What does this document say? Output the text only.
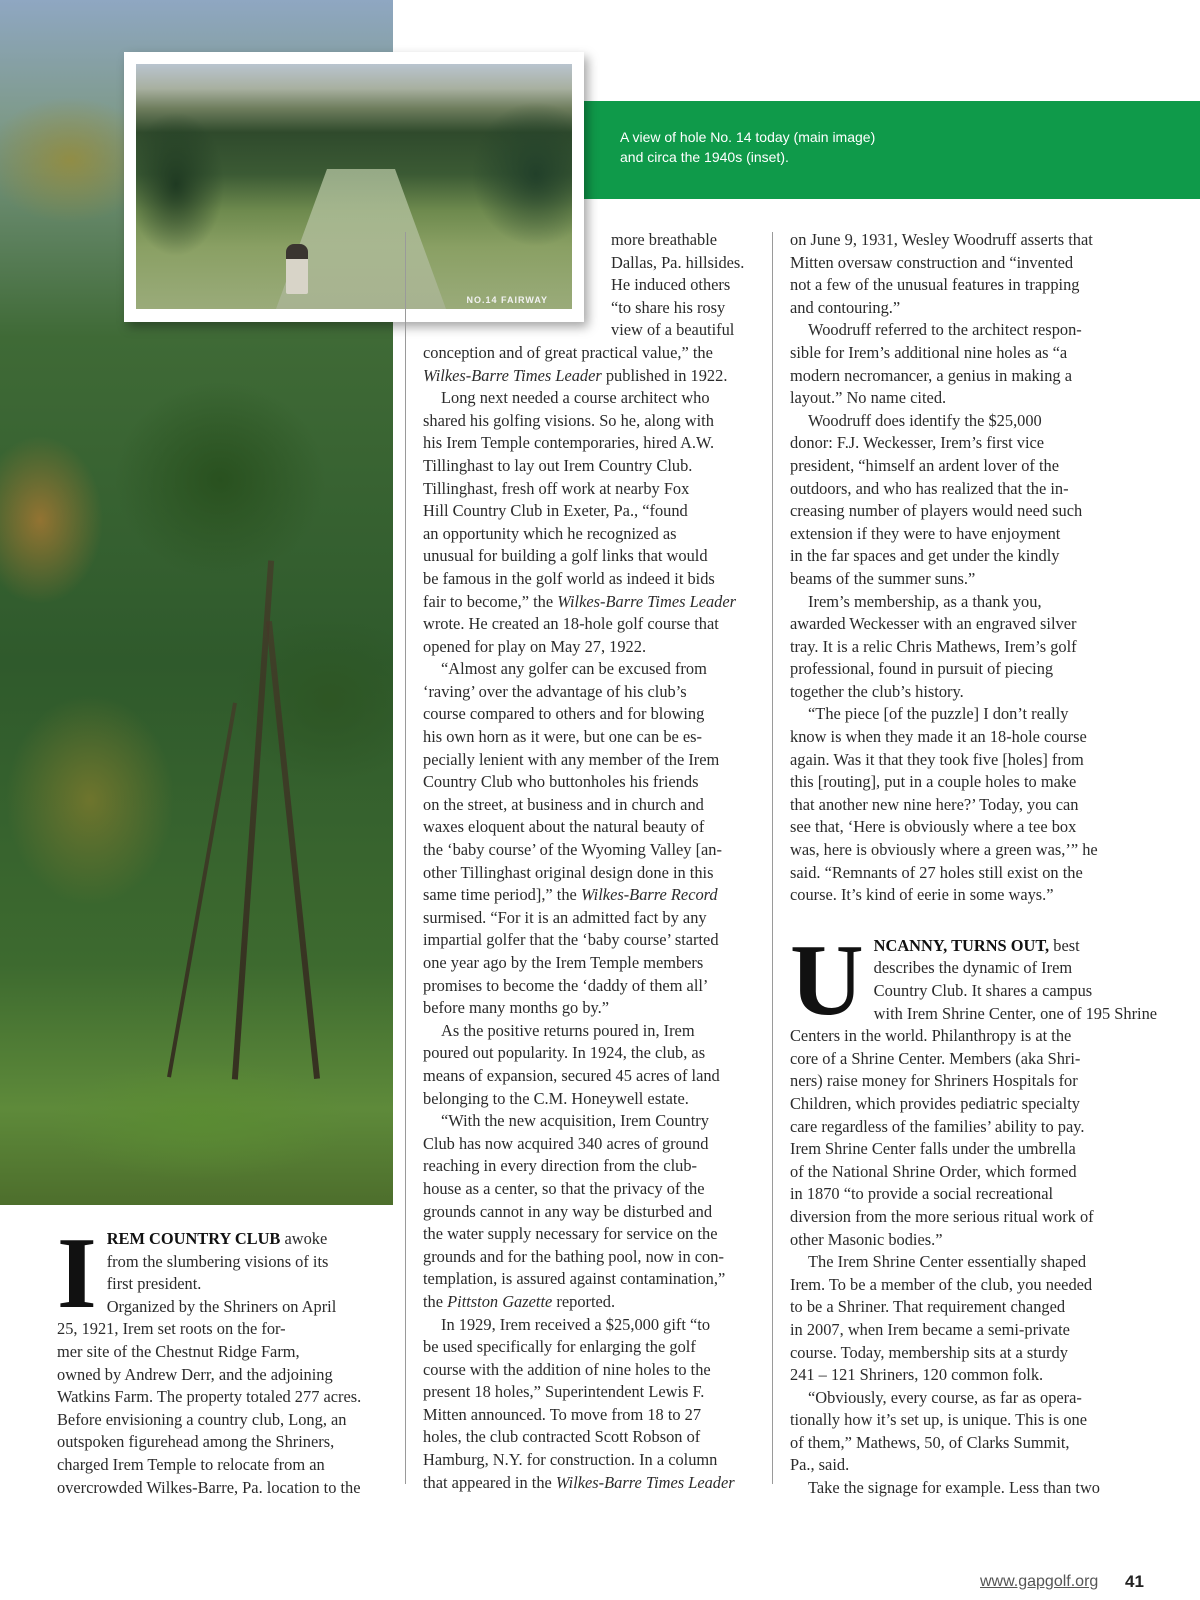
A view of hole No. 14 today (main image)
and circa the 1940s (inset).

NO.14 FAIRWAY
I REM COUNTRY CLUB awoke
from the slumbering visions of its
first president.
Organized by the Shriners on April
25, 1921, Irem set roots on the for-
mer site of the Chestnut Ridge Farm,
owned by Andrew Derr, and the adjoining
Watkins Farm. The property totaled 277 acres.
Before envisioning a country club, Long, an
outspoken figurehead among the Shriners,
charged Irem Temple to relocate from an
overcrowded Wilkes-Barre, Pa. location to the
more breathable
Dallas, Pa. hillsides.
He induced others
“to share his rosy
view of a beautiful
conception and of great practical value,” the
Wilkes-Barre Times Leader published in 1922.
Long next needed a course architect who
shared his golfing visions. So he, along with
his Irem Temple contemporaries, hired A.W.
Tillinghast to lay out Irem Country Club.
Tillinghast, fresh off work at nearby Fox
Hill Country Club in Exeter, Pa., “found
an opportunity which he recognized as
unusual for building a golf links that would
be famous in the golf world as indeed it bids
fair to become,” the Wilkes-Barre Times Leader
wrote. He created an 18-hole golf course that
opened for play on May 27, 1922.
“Almost any golfer can be excused from
‘raving’ over the advantage of his club’s
course compared to others and for blowing
his own horn as it were, but one can be es-
pecially lenient with any member of the Irem
Country Club who buttonholes his friends
on the street, at business and in church and
waxes eloquent about the natural beauty of
the ‘baby course’ of the Wyoming Valley [an-
other Tillinghast original design done in this
same time period],” the Wilkes-Barre Record
surmised. “For it is an admitted fact by any
impartial golfer that the ‘baby course’ started
one year ago by the Irem Temple members
promises to become the ‘daddy of them all’
before many months go by.”
As the positive returns poured in, Irem
poured out popularity. In 1924, the club, as
means of expansion, secured 45 acres of land
belonging to the C.M. Honeywell estate.
“With the new acquisition, Irem Country
Club has now acquired 340 acres of ground
reaching in every direction from the club-
house as a center, so that the privacy of the
grounds cannot in any way be disturbed and
the water supply necessary for service on the
grounds and for the bathing pool, now in con-
templation, is assured against contamination,”
the Pittston Gazette reported.
In 1929, Irem received a $25,000 gift “to
be used specifically for enlarging the golf
course with the addition of nine holes to the
present 18 holes,” Superintendent Lewis F.
Mitten announced. To move from 18 to 27
holes, the club contracted Scott Robson of
Hamburg, N.Y. for construction. In a column
that appeared in the Wilkes-Barre Times Leader
on June 9, 1931, Wesley Woodruff asserts that
Mitten oversaw construction and “invented
not a few of the unusual features in trapping
and contouring.”
Woodruff referred to the architect respon-
sible for Irem’s additional nine holes as “a
modern necromancer, a genius in making a
layout.” No name cited.
Woodruff does identify the $25,000
donor: F.J. Weckesser, Irem’s first vice
president, “himself an ardent lover of the
outdoors, and who has realized that the in-
creasing number of players would need such
extension if they were to have enjoyment
in the far spaces and get under the kindly
beams of the summer suns.”
Irem’s membership, as a thank you,
awarded Weckesser with an engraved silver
tray. It is a relic Chris Mathews, Irem’s golf
professional, found in pursuit of piecing
together the club’s history.
“The piece [of the puzzle] I don’t really
know is when they made it an 18-hole course
again. Was it that they took five [holes] from
this [routing], put in a couple holes to make
that another new nine here?’ Today, you can
see that, ‘Here is obviously where a tee box
was, here is obviously where a green was,’” he
said. “Remnants of 27 holes still exist on the
course. It’s kind of eerie in some ways.”
U NCANNY, TURNS OUT, best
describes the dynamic of Irem
Country Club. It shares a campus
with Irem Shrine Center, one of 195 Shrine
Centers in the world. Philanthropy is at the
core of a Shrine Center. Members (aka Shri-
ners) raise money for Shriners Hospitals for
Children, which provides pediatric specialty
care regardless of the families’ ability to pay.
Irem Shrine Center falls under the umbrella
of the National Shrine Order, which formed
in 1870 “to provide a social recreational
diversion from the more serious ritual work of
other Masonic bodies.”
The Irem Shrine Center essentially shaped
Irem. To be a member of the club, you needed
to be a Shriner. That requirement changed
in 2007, when Irem became a semi-private
course. Today, membership sits at a sturdy
241 – 121 Shriners, 120 common folk.
“Obviously, every course, as far as opera-
tionally how it’s set up, is unique. This is one
of them,” Mathews, 50, of Clarks Summit,
Pa., said.
Take the signage for example. Less than two
www.gapgolf.org 41
